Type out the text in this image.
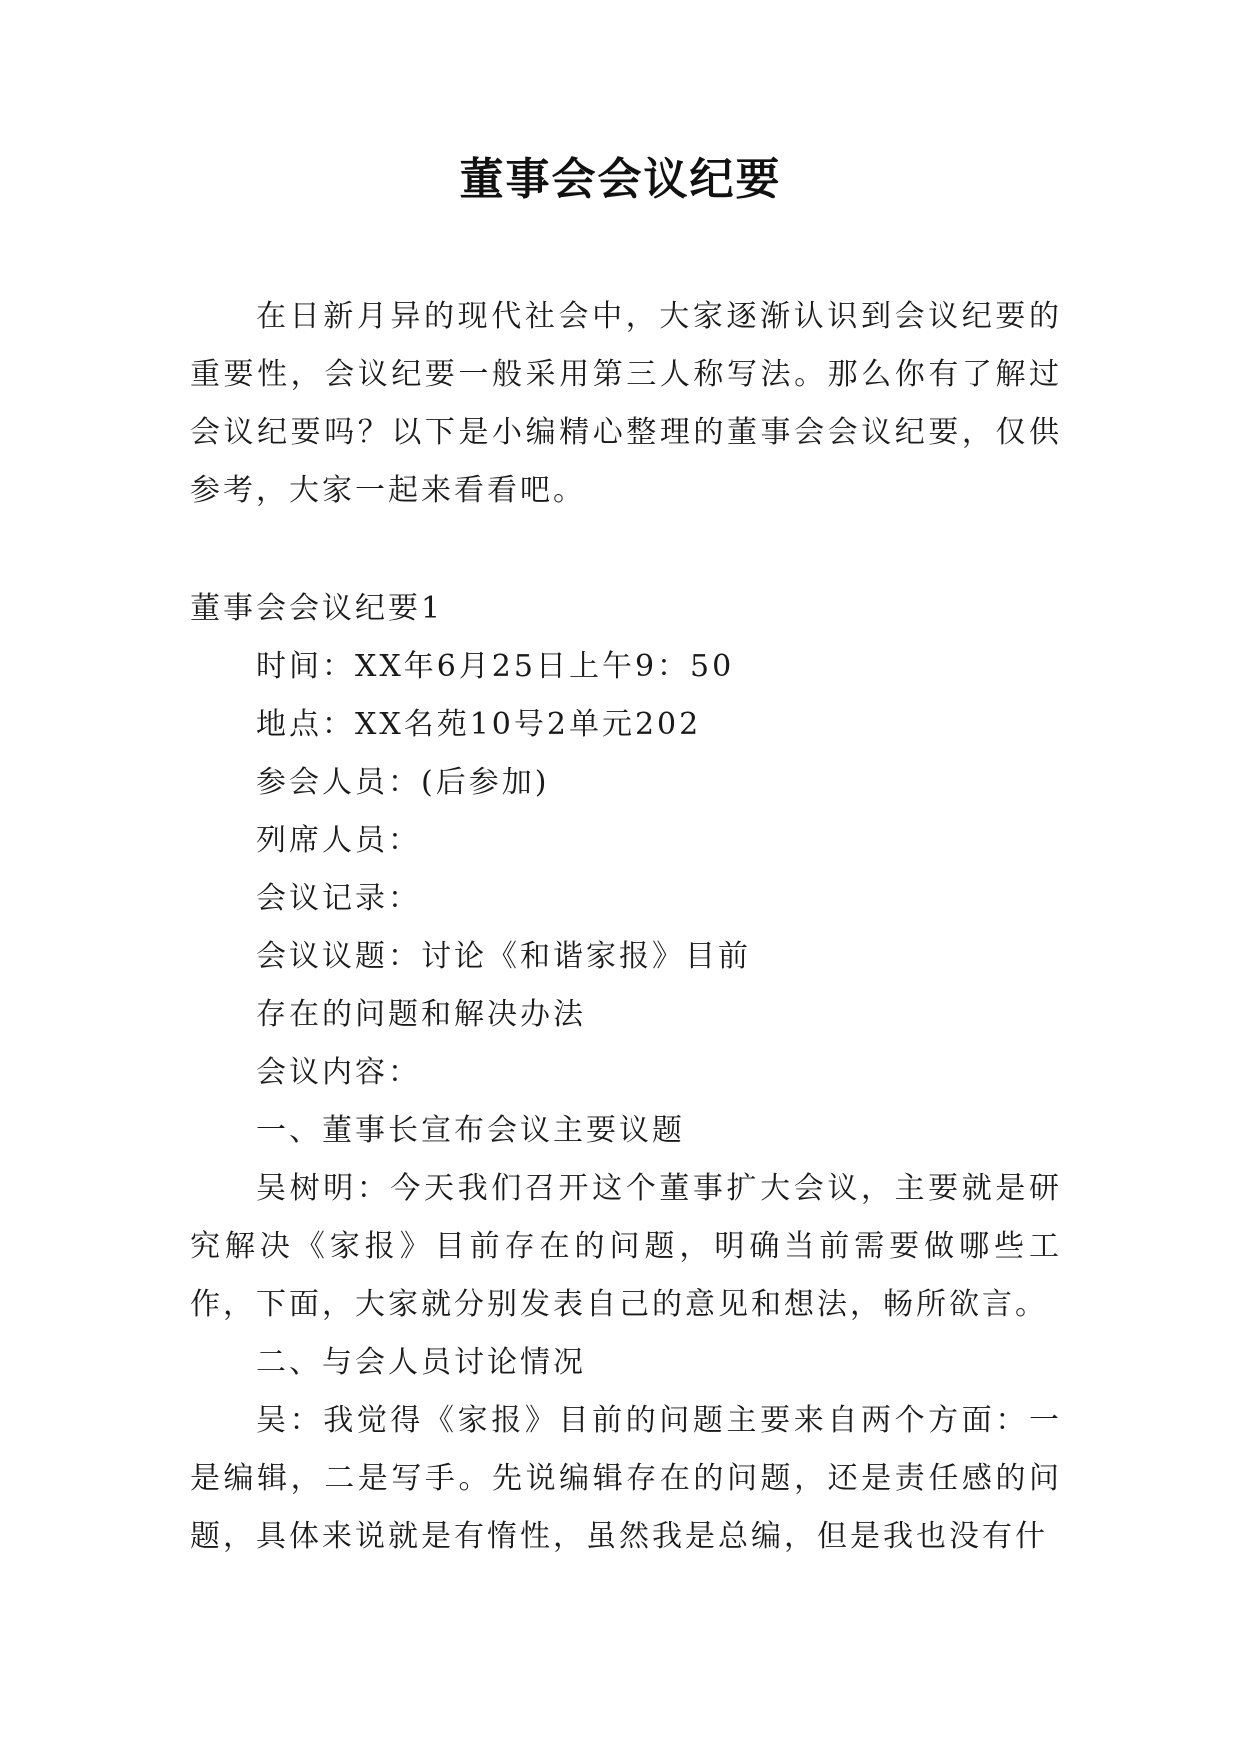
董事会会议纪要

在日新月异的现代社会中，大家逐渐认识到会议纪要的重要性，会议纪要一般采用第三人称写法。那么你有了解过会议纪要吗？以下是小编精心整理的董事会会议纪要，仅供参考，大家一起来看看吧。

董事会会议纪要1

时间：XX年6月25日上午9：50

地点：XX名苑10号2单元202

参会人员：(后参加)

列席人员：

会议记录：

会议议题：讨论《和谐家报》目前

存在的问题和解决办法

会议内容：

一、董事长宣布会议主要议题

吴树明：今天我们召开这个董事扩大会议，主要就是研究解决《家报》目前存在的问题，明确当前需要做哪些工作，下面，大家就分别发表自己的意见和想法，畅所欲言。

二、与会人员讨论情况

吴：我觉得《家报》目前的问题主要来自两个方面：一是编辑，二是写手。先说编辑存在的问题，还是责任感的问题，具体来说就是有惰性，虽然我是总编，但是我也没有什
